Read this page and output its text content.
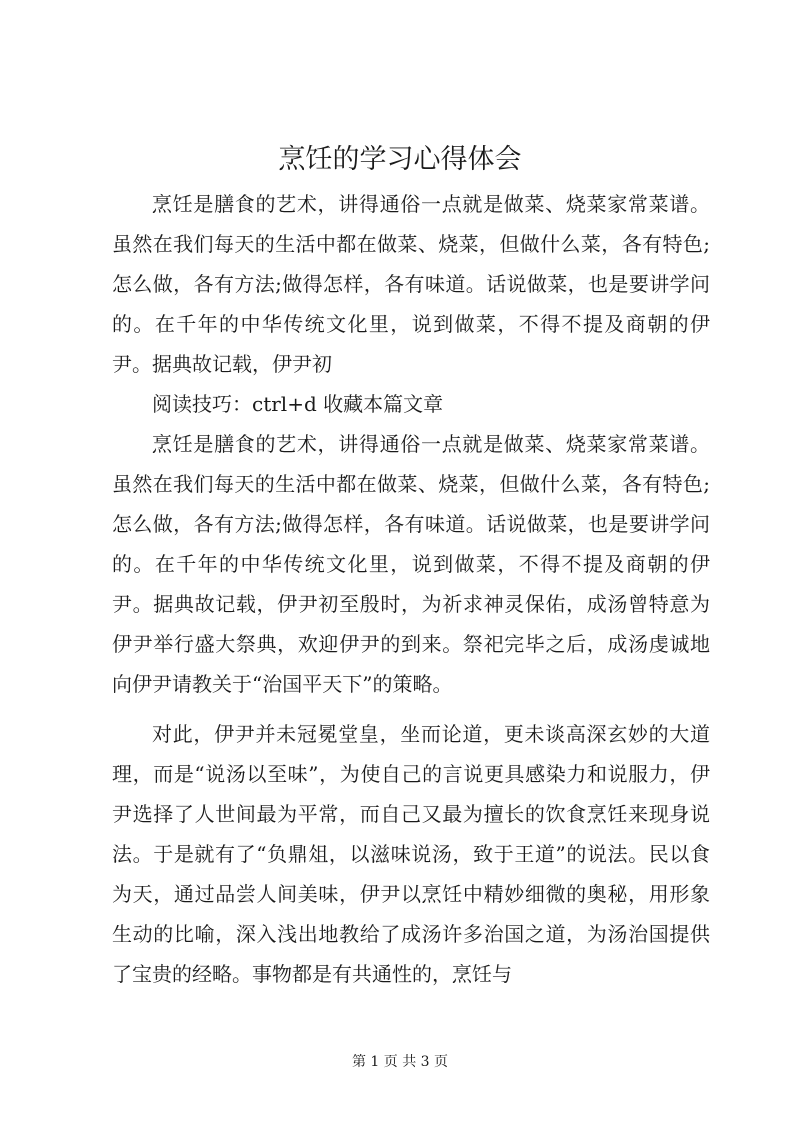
烹饪的学习心得体会

烹饪是膳食的艺术，讲得通俗一点就是做菜、烧菜家常菜谱。虽然在我们每天的生活中都在做菜、烧菜，但做什么菜，各有特色;怎么做，各有方法;做得怎样，各有味道。话说做菜，也是要讲学问的。在千年的中华传统文化里，说到做菜，不得不提及商朝的伊尹。据典故记载，伊尹初

阅读技巧：ctrl+d 收藏本篇文章

烹饪是膳食的艺术，讲得通俗一点就是做菜、烧菜家常菜谱。虽然在我们每天的生活中都在做菜、烧菜，但做什么菜，各有特色;怎么做，各有方法;做得怎样，各有味道。话说做菜，也是要讲学问的。在千年的中华传统文化里，说到做菜，不得不提及商朝的伊尹。据典故记载，伊尹初至殷时，为祈求神灵保佑，成汤曾特意为伊尹举行盛大祭典，欢迎伊尹的到来。祭祀完毕之后，成汤虔诚地向伊尹请教关于“治国平天下”的策略。

对此，伊尹并未冠冕堂皇，坐而论道，更未谈高深玄妙的大道理，而是“说汤以至味”，为使自己的言说更具感染力和说服力，伊尹选择了人世间最为平常，而自己又最为擅长的饮食烹饪来现身说法。于是就有了“负鼎俎，以滋味说汤，致于王道”的说法。民以食为天，通过品尝人间美味，伊尹以烹饪中精妙细微的奥秘，用形象生动的比喻，深入浅出地教给了成汤许多治国之道，为汤治国提供了宝贵的经略。事物都是有共通性的，烹饪与

第 1 页 共 3 页
